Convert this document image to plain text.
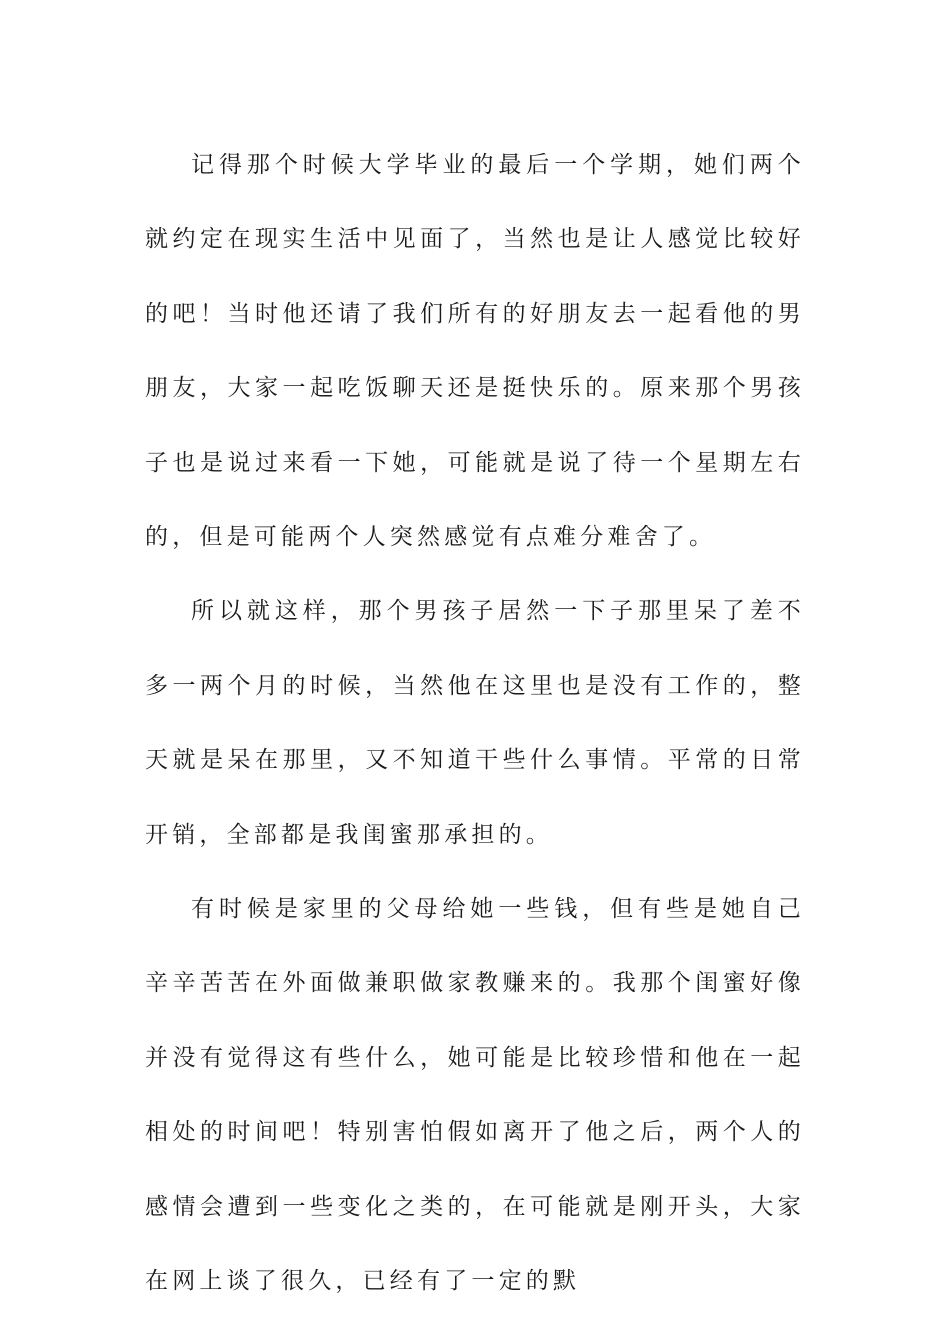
记得那个时候大学毕业的最后一个学期，她们两个就约定在现实生活中见面了，当然也是让人感觉比较好的吧！当时他还请了我们所有的好朋友去一起看他的男朋友，大家一起吃饭聊天还是挺快乐的。原来那个男孩子也是说过来看一下她，可能就是说了待一个星期左右的，但是可能两个人突然感觉有点难分难舍了。

所以就这样，那个男孩子居然一下子那里呆了差不多一两个月的时候，当然他在这里也是没有工作的，整天就是呆在那里，又不知道干些什么事情。平常的日常开销，全部都是我闺蜜那承担的。

有时候是家里的父母给她一些钱，但有些是她自己辛辛苦苦在外面做兼职做家教赚来的。我那个闺蜜好像并没有觉得这有些什么，她可能是比较珍惜和他在一起相处的时间吧！特别害怕假如离开了他之后，两个人的感情会遭到一些变化之类的，在可能就是刚开头，大家在网上谈了很久，已经有了一定的默
